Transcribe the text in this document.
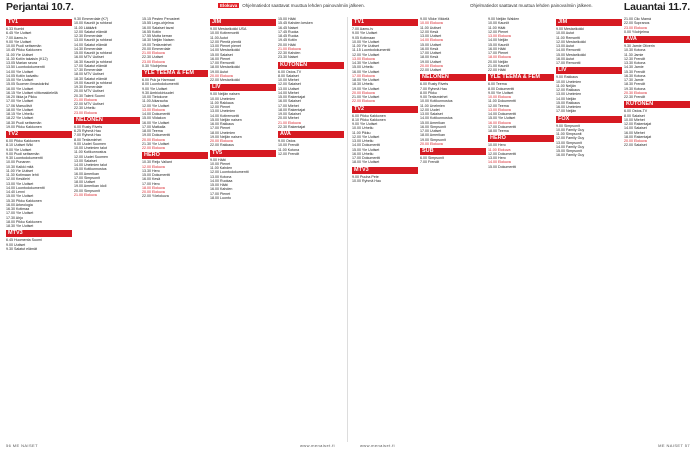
Perjantai 10.7.	Elokuva Ohjelmatiedot saattavat muuttua lehden painovalmiin jälkeen.	Ohjelmatiedot saattavat muuttua lehden painovalmiin jälkeen.	Lauantai 11.7.
TV1
6.33 Kumbi
6.45 Yle Uutiset
7.00 Aamu-tv
9.00 Yle Uutiset
10.00 Puoli seitsemän
10.45 Pikku Kakkonen
11.00 Yle Uutiset
11.30 Kotiin takaisin (K12)
13.05 Marian seura
13.50 Luontodokumentti
14.00 Yle Uutiset
14.05 Kotiin kaivattu
15.00 Yle Uutiset
15.05 Suomen ilmastokriisi
16.00 Yle Uutiset
16.15 Yle Uutiset viittomakielellä
16.20 Ilkka ja Pikku
17.00 Yle Uutiset
17.06 Marsuliivit
18.00 Yle Uutiset
18.15 Yle Urheilu
18.22 Yle Uutiset
18.30 Puoli seitsemän
19.00 Pikku Kakkonen
TV2
6.00 Pikku Kakkonen
8.10 Uutiset Wiki
9.00 Yle Uutiset
9.00 Puoli seitsemän
9.30 Luontodokumentti
10.00 Punanen
10.30 Kaikki mitä
11.00 Yle Uutiset
11.30 Kotimaan lehti
12.00 Kesäleiri
13.00 Yle Uutiset
14.00 Luontodokumentti
14.40 Lenni
15.00 Yle Uutiset
15.30 Pikku Kakkonen
16.00 Arkeologia
16.30 Kotimaa
17.00 Yle Uutiset
17.30 Ahjo
18.00 Pikku Kakkonen
18.30 Yle Uutiset
MTV3
6.45 Huomenta Suomi
9.00 Uutiset
9.30 Salatut elämät
9.30 Emmerdale (K7)
10.00 Kauniit ja rohkeat
11.00 Lääkärit
12.00 Salatut elämät
12.30 Emmerdale
13.00 Kauniit ja rohkeat
14.00 Salatut elämät
14.30 Emmerdale
15.00 Kauniit ja rohkeat
16.00 MTV Uutiset
16.30 Kauniit ja rohkeat
17.00 Salatut elämät
17.30 Emmerdale
18.00 MTV Uutiset
18.30 Salatut elämät
19.00 Kauniit ja rohkeat
19.30 Emmerdale
20.00 MTV Uutiset
20.30 Talent Suomi
21.00 Elokuva
22.00 MTV Uutiset
22.30 Urheilu
23.00 Elokuva
NELONEN
6.00 Rusty Rivets
6.25 Ryhmä Hau
7.00 Ryhmä Hau
8.00 Teräsmiehet
9.00 Uudet Suomen
10.00 Unelmien talot
11.00 Kotikunnostus
12.00 Uudet Suomen
13.00 Salaiset
14.00 Unelmien talot
15.00 Kotikunnostus
16.00 Amerikan
17.00 Simpsonit
18.00 Uutiset
19.00 Amerikan idoli
20.00 Simpsonit
21.00 Elokuva
15.15 Pesten Perusteet
15.55 Lego-ohjelma
16.00 Salaiset tavat
16.55 Kotiin
17.55 Mutta kerran
18.30 Neljän Naisen
19.00 Teräsmiehet
20.00 Emmerdale
21.00 Elokuva
22.30 Uutiset
23.00 Elokuva
0.30 Yöohjelma
YLE TEEMA & FEM
6.00 Puk ja Harmaat
8.00 Luontodokumentti
9.00 Yle Uutiset
9.30 Ambiokiriuudet
10.00 Tietokone
11.00 Aikarauha
12.00 Yle Uutiset
13.00 Elokuva
14.00 Dokumentti
15.00 Viidakon
16.00 Yle Uutiset
17.00 Matkalla
18.00 Teema
19.00 Dokumentti
20.00 Elokuva
21.30 Yle Uutiset
22.00 Elokuva
HERO
10.30 Reijo Valiant
12.00 Elokuva
13.30 Hero
15.00 Dokumentti
16.00 Kesä
17.00 Hero
18.00 Elokuva
20.00 Elokuva
22.00 Yöelokuva
JIM
9.00 Mestarikokki USA
10.00 Kotiremontti
11.00 Autot
12.00 Pientä pientä
13.00 Pienet pienet
14.00 Mestarikokki
15.00 Salaiset
16.00 Pienet
17.00 Remontti
18.00 Mestarikokki
19.00 Autot
20.00 Elokuva
22.00 Mestarikokki
LIV
9.00 Neljän naisen
10.00 Unelmien
11.00 Rakkaus
12.00 Pienet
13.00 Unelmien
14.00 Kotiremontti
15.00 Neljän naisen
16.00 Rakkaus
17.00 Pienet
18.00 Unelmien
19.00 Neljän naisen
20.00 Elokuva
22.00 Rakkaus
TV5
9.00 Häät
10.00 Pienet
11.00 Kahden
12.00 Luontodokumentti
13.00 Kotona
14.00 Ruokaa
15.00 Häät
16.00 Kahden
17.00 Pienet
18.00 Luonto
15.00 Häät
15.45 Kahden kesken
16.45 Naiset
17.45 Ruoka
18.45 Ruoka
19.45 Kotiin
20.00 Häät
21.00 Elokuva
22.30 Kahden
23.30 Naiset
KUTONEN
6.00 Ostos-TV
8.00 Salaiset
10.00 Miehet
12.00 Salaiset
13.00 Uutiset
14.00 Miehet
15.00 Rakentajat
16.00 Salaiset
17.00 Miehet
18.00 Rakentajat
19.00 Salaiset
20.00 Miehet
21.00 Elokuva
22.30 Rakentajat
AVA
9.00 Ostos
10.00 Frendit
11.00 Kotona
12.00 Frendit
TV1
7.00 Aamu-tv
9.00 Yle Uutiset
9.05 Kotimaan
10.00 Yle Uutiset
11.00 Yle Uutiset
11.15 Luontodokumentti
12.00 Yle Uutiset
13.00 Elokuva
14.30 Yle Uutiset
15.00 Urheilu
16.00 Yle Uutiset
17.00 Elokuva
18.00 Yle Uutiset
18.30 Urheilu
19.00 Yle Uutiset
20.00 Elokuva
21.00 Yle Uutiset
22.00 Elokuva
TV2
6.00 Pikku Kakkonen
8.10 Pikku Kakkonen
9.00 Yle Uutiset
10.00 Urheilu
11.00 Pikku
12.00 Yle Uutiset
13.00 Urheilu
14.00 Dokumentti
15.00 Yle Uutiset
16.00 Urheilu
17.00 Dokumentti
18.00 Yle Uutiset
MTV3
9.00 Puuha Pete
10.00 Ryhmä Hau
9.00 Vikke Vikkelä
10.00 Elokuva
11.00 Uutiset
12.00 Kesä
13.00 Uutiset
14.00 Elokuva
15.00 Uutiset
16.00 Kesä
17.00 Uutiset
18.00 Kesä
19.00 Uutiset
20.00 Elokuva
22.00 Uutiset
NELONEN
6.00 Rusty Rivets
7.00 Ryhmä Hau
8.00 Pikku
9.00 Teräsmiehet
10.00 Kotikunnostus
11.00 Unelmien
12.00 Uudet
13.00 Salaiset
14.00 Kotikunnostus
15.00 Amerikan
16.00 Simpsonit
17.00 Uutiset
18.00 Amerikan
19.00 Simpsonit
20.00 Elokuva
SUB
6.00 Simpsonit
7.00 Frendit
9.00 Neljän Walden
10.00 Kauniit
11.00 Häät
12.00 Pienet
13.00 Elokuva
14.00 Neljän
15.00 Kauniit
16.00 Häät
17.00 Pienet
18.00 Elokuva
20.00 Neljän
21.00 Kauniit
22.00 Häät
YLE TEEMA & FEM
6.00 Teema
8.00 Dokumentti
9.00 Yle Uutiset
10.00 Elokuva
11.00 Dokumentti
12.00 Teema
13.00 Elokuva
14.00 Dokumentti
15.00 Yle Uutiset
16.00 Elokuva
17.00 Dokumentti
18.00 Teema
HERO
10.00 Hero
11.00 Elokuva
12.00 Dokumentti
13.00 Hero
14.00 Elokuva
15.00 Dokumentti
JIM
9.00 Mestarikokki
10.00 Autot
11.00 Remontti
12.00 Mestarikokki
13.00 Autot
14.00 Remontti
15.00 Mestarikokki
16.00 Autot
17.00 Remontti
LIV
9.00 Rakkaus
10.00 Unelmien
11.00 Neljän
12.00 Rakkaus
13.00 Unelmien
14.00 Neljän
15.00 Rakkaus
16.00 Unelmien
17.00 Neljän
FOX
9.00 Simpsonit
10.00 Family Guy
11.00 Simpsonit
12.00 Family Guy
13.00 Simpsonit
14.00 Family Guy
15.00 Simpsonit
16.00 Family Guy
21.00 Clic Mamá
22.00 Sopranos
23.00 Elokuva
0.00 Yöohjelma
AVA
9.30 Jamie Oliverin
10.30 Kotona
11.30 Jamie
12.30 Frendit
13.30 Kotona
14.30 Jamie
15.30 Frendit
16.30 Kotona
17.30 Jamie
18.30 Frendit
19.30 Kotona
20.30 Elokuva
22.30 Frendit
KUTONEN
6.00 Ostos-TV
8.00 Salaiset
10.00 Miehet
12.00 Rakentajat
14.00 Salaiset
16.00 Miehet
18.00 Rakentajat
20.00 Elokuva
22.00 Salaiset
56 ME NAISET	www.menaiset.fi	www.menaiset.fi	ME NAISET 57
